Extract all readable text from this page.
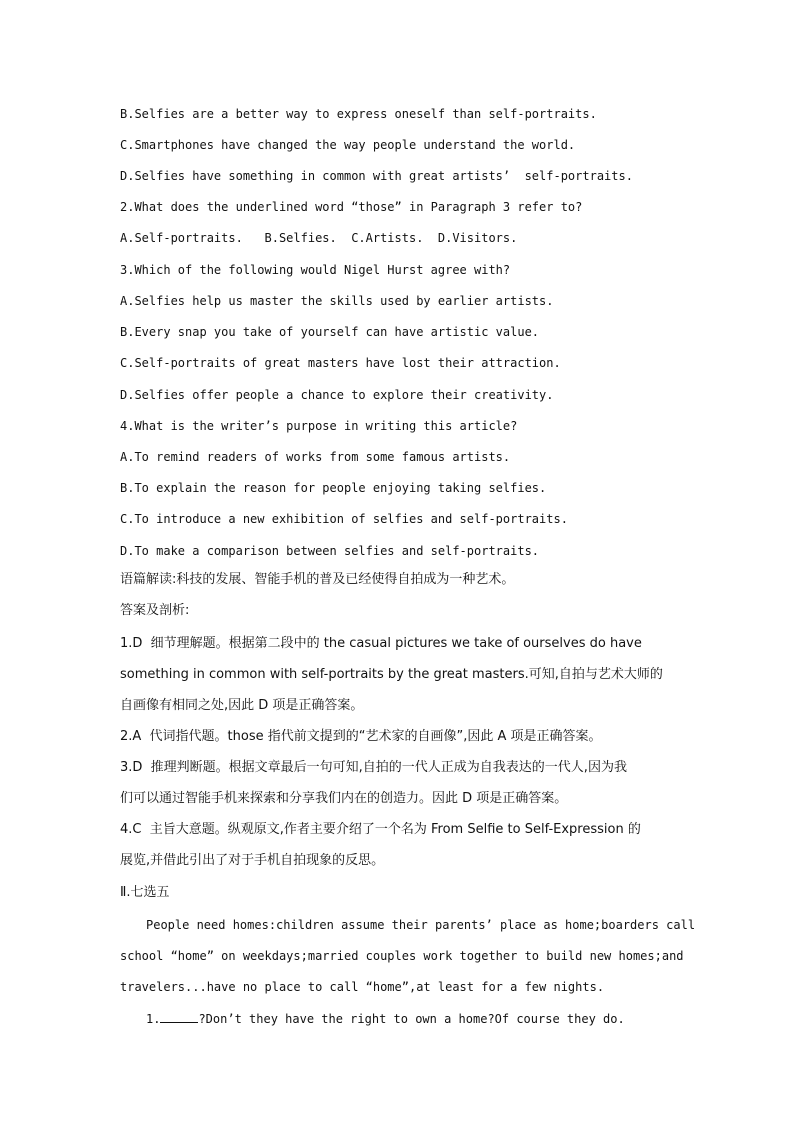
B.Selfies are a better way to express oneself than self-portraits.
C.Smartphones have changed the way people understand the world.
D.Selfies have something in common with great artists’  self-portraits.
2.What does the underlined word “those” in Paragraph 3 refer to?
A.Self-portraits.   B.Selfies.  C.Artists.  D.Visitors.
3.Which of the following would Nigel Hurst agree with?
A.Selfies help us master the skills used by earlier artists.
B.Every snap you take of yourself can have artistic value.
C.Self-portraits of great masters have lost their attraction.
D.Selfies offer people a chance to explore their creativity.
4.What is the writer’s purpose in writing this article?
A.To remind readers of works from some famous artists.
B.To explain the reason for people enjoying taking selfies.
C.To introduce a new exhibition of selfies and self-portraits.
D.To make a comparison between selfies and self-portraits.
语篇解读:科技的发展、智能手机的普及已经使得自拍成为一种艺术。
答案及剖析:
1.D  细节理解题。根据第二段中的 the casual pictures we take of ourselves do have
something in common with self-portraits by the great masters.可知,自拍与艺术大师的
自画像有相同之处,因此 D 项是正确答案。
2.A  代词指代题。those 指代前文提到的“艺术家的自画像”,因此 A 项是正确答案。
3.D  推理判断题。根据文章最后一句可知,自拍的一代人正成为自我表达的一代人,因为我
们可以通过智能手机来探索和分享我们内在的创造力。因此 D 项是正确答案。
4.C  主旨大意题。纵观原文,作者主要介绍了一个名为 From Selfie to Self-Expression 的
展览,并借此引出了对于手机自拍现象的反思。
Ⅱ.七选五
People need homes:children assume their parents’ place as home;boarders call
school “home” on weekdays;married couples work together to build new homes;and
travelers...have no place to call “home”,at least for a few nights.
1.	?Don’t they have the right to own a home?Of course they do.
